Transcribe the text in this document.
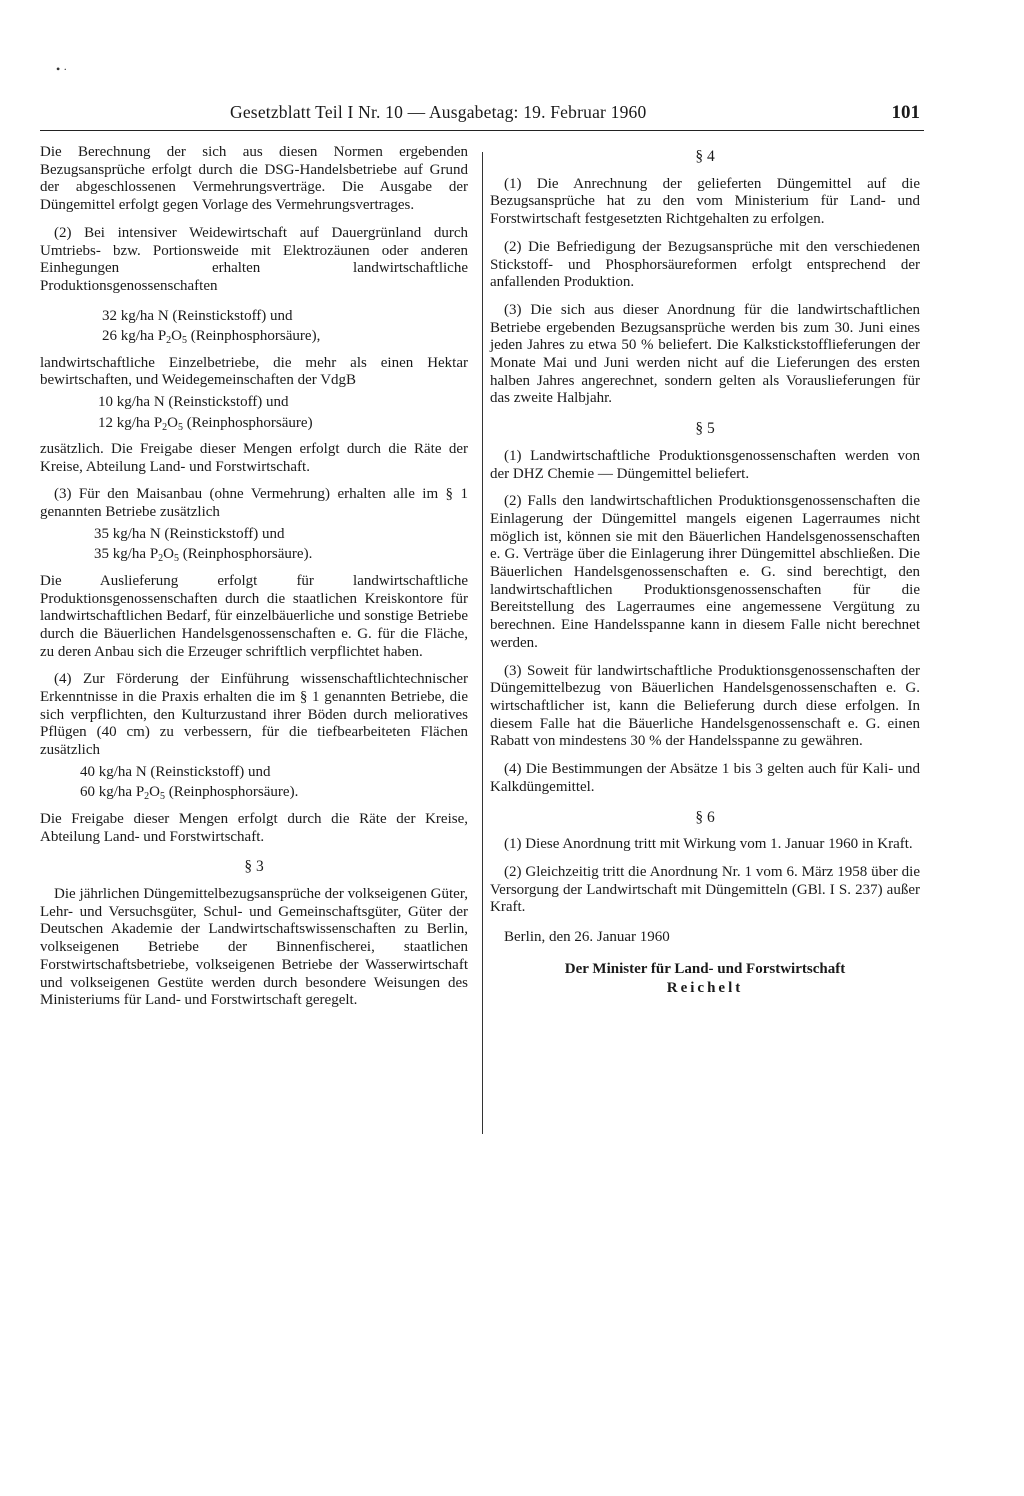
• ·
Gesetzblatt Teil I Nr. 10 — Ausgabetag: 19. Februar 1960	101

Die Berechnung der sich aus diesen Normen ergebenden Bezugsansprüche erfolgt durch die DSG-Handelsbetriebe auf Grund der abgeschlossenen Vermehrungsverträge. Die Ausgabe der Düngemittel erfolgt gegen Vorlage des Vermehrungsvertrages.

(2) Bei intensiver Weidewirtschaft auf Dauergrünland durch Umtriebs- bzw. Portionsweide mit Elektrozäunen oder anderen Einhegungen erhalten landwirtschaftliche Produktionsgenossenschaften

32 kg/ha N (Reinstickstoff) und
26 kg/ha $P_2O_5$ (Reinphosphorsäure),

landwirtschaftliche Einzelbetriebe, die mehr als einen Hektar bewirtschaften, und Weidegemeinschaften der VdgB

10 kg/ha N (Reinstickstoff) und
12 kg/ha $P_2O_5$ (Reinphosphorsäure)

zusätzlich. Die Freigabe dieser Mengen erfolgt durch die Räte der Kreise, Abteilung Land- und Forstwirtschaft.

(3) Für den Maisanbau (ohne Vermehrung) erhalten alle im § 1 genannten Betriebe zusätzlich

35 kg/ha N (Reinstickstoff) und
35 kg/ha $P_2O_5$ (Reinphosphorsäure).

Die Auslieferung erfolgt für landwirtschaftliche Produktionsgenossenschaften durch die staatlichen Kreiskontore für landwirtschaftlichen Bedarf, für einzelbäuerliche und sonstige Betriebe durch die Bäuerlichen Handelsgenossenschaften e. G. für die Fläche, zu deren Anbau sich die Erzeuger schriftlich verpflichtet haben.

(4) Zur Förderung der Einführung wissenschaftlichtechnischer Erkenntnisse in die Praxis erhalten die im § 1 genannten Betriebe, die sich verpflichten, den Kulturzustand ihrer Böden durch melioratives Pflügen (40 cm) zu verbessern, für die tiefbearbeiteten Flächen zusätzlich

40 kg/ha N (Reinstickstoff) und
60 kg/ha $P_2O_5$ (Reinphosphorsäure).

Die Freigabe dieser Mengen erfolgt durch die Räte der Kreise, Abteilung Land- und Forstwirtschaft.

§ 3

Die jährlichen Düngemittelbezugsansprüche der volkseigenen Güter, Lehr- und Versuchsgüter, Schul- und Gemeinschaftsgüter, Güter der Deutschen Akademie der Landwirtschaftswissenschaften zu Berlin, volkseigenen Betriebe der Binnenfischerei, staatlichen Forstwirtschaftsbetriebe, volkseigenen Betriebe der Wasserwirtschaft und volkseigenen Gestüte werden durch besondere Weisungen des Ministeriums für Land- und Forstwirtschaft geregelt.

§ 4

(1) Die Anrechnung der gelieferten Düngemittel auf die Bezugsansprüche hat zu den vom Ministerium für Land- und Forstwirtschaft festgesetzten Richtgehalten zu erfolgen.

(2) Die Befriedigung der Bezugsansprüche mit den verschiedenen Stickstoff- und Phosphorsäureformen erfolgt entsprechend der anfallenden Produktion.

(3) Die sich aus dieser Anordnung für die landwirtschaftlichen Betriebe ergebenden Bezugsansprüche werden bis zum 30. Juni eines jeden Jahres zu etwa 50 % beliefert. Die Kalkstickstofflieferungen der Monate Mai und Juni werden nicht auf die Lieferungen des ersten halben Jahres angerechnet, sondern gelten als Vorauslieferungen für das zweite Halbjahr.

§ 5

(1) Landwirtschaftliche Produktionsgenossenschaften werden von der DHZ Chemie — Düngemittel beliefert.

(2) Falls den landwirtschaftlichen Produktionsgenossenschaften die Einlagerung der Düngemittel mangels eigenen Lagerraumes nicht möglich ist, können sie mit den Bäuerlichen Handelsgenossenschaften e. G. Verträge über die Einlagerung ihrer Düngemittel abschließen. Die Bäuerlichen Handelsgenossenschaften e. G. sind berechtigt, den landwirtschaftlichen Produktionsgenossenschaften für die Bereitstellung des Lagerraumes eine angemessene Vergütung zu berechnen. Eine Handelsspanne kann in diesem Falle nicht berechnet werden.

(3) Soweit für landwirtschaftliche Produktionsgenossenschaften der Düngemittelbezug von Bäuerlichen Handelsgenossenschaften e. G. wirtschaftlicher ist, kann die Belieferung durch diese erfolgen. In diesem Falle hat die Bäuerliche Handelsgenossenschaft e. G. einen Rabatt von mindestens 30 % der Handelsspanne zu gewähren.

(4) Die Bestimmungen der Absätze 1 bis 3 gelten auch für Kali- und Kalkdüngemittel.

§ 6

(1) Diese Anordnung tritt mit Wirkung vom 1. Januar 1960 in Kraft.

(2) Gleichzeitig tritt die Anordnung Nr. 1 vom 6. März 1958 über die Versorgung der Landwirtschaft mit Düngemitteln (GBl. I S. 237) außer Kraft.

Berlin, den 26. Januar 1960
Der Minister für Land- und Forstwirtschaft
Reichelt
